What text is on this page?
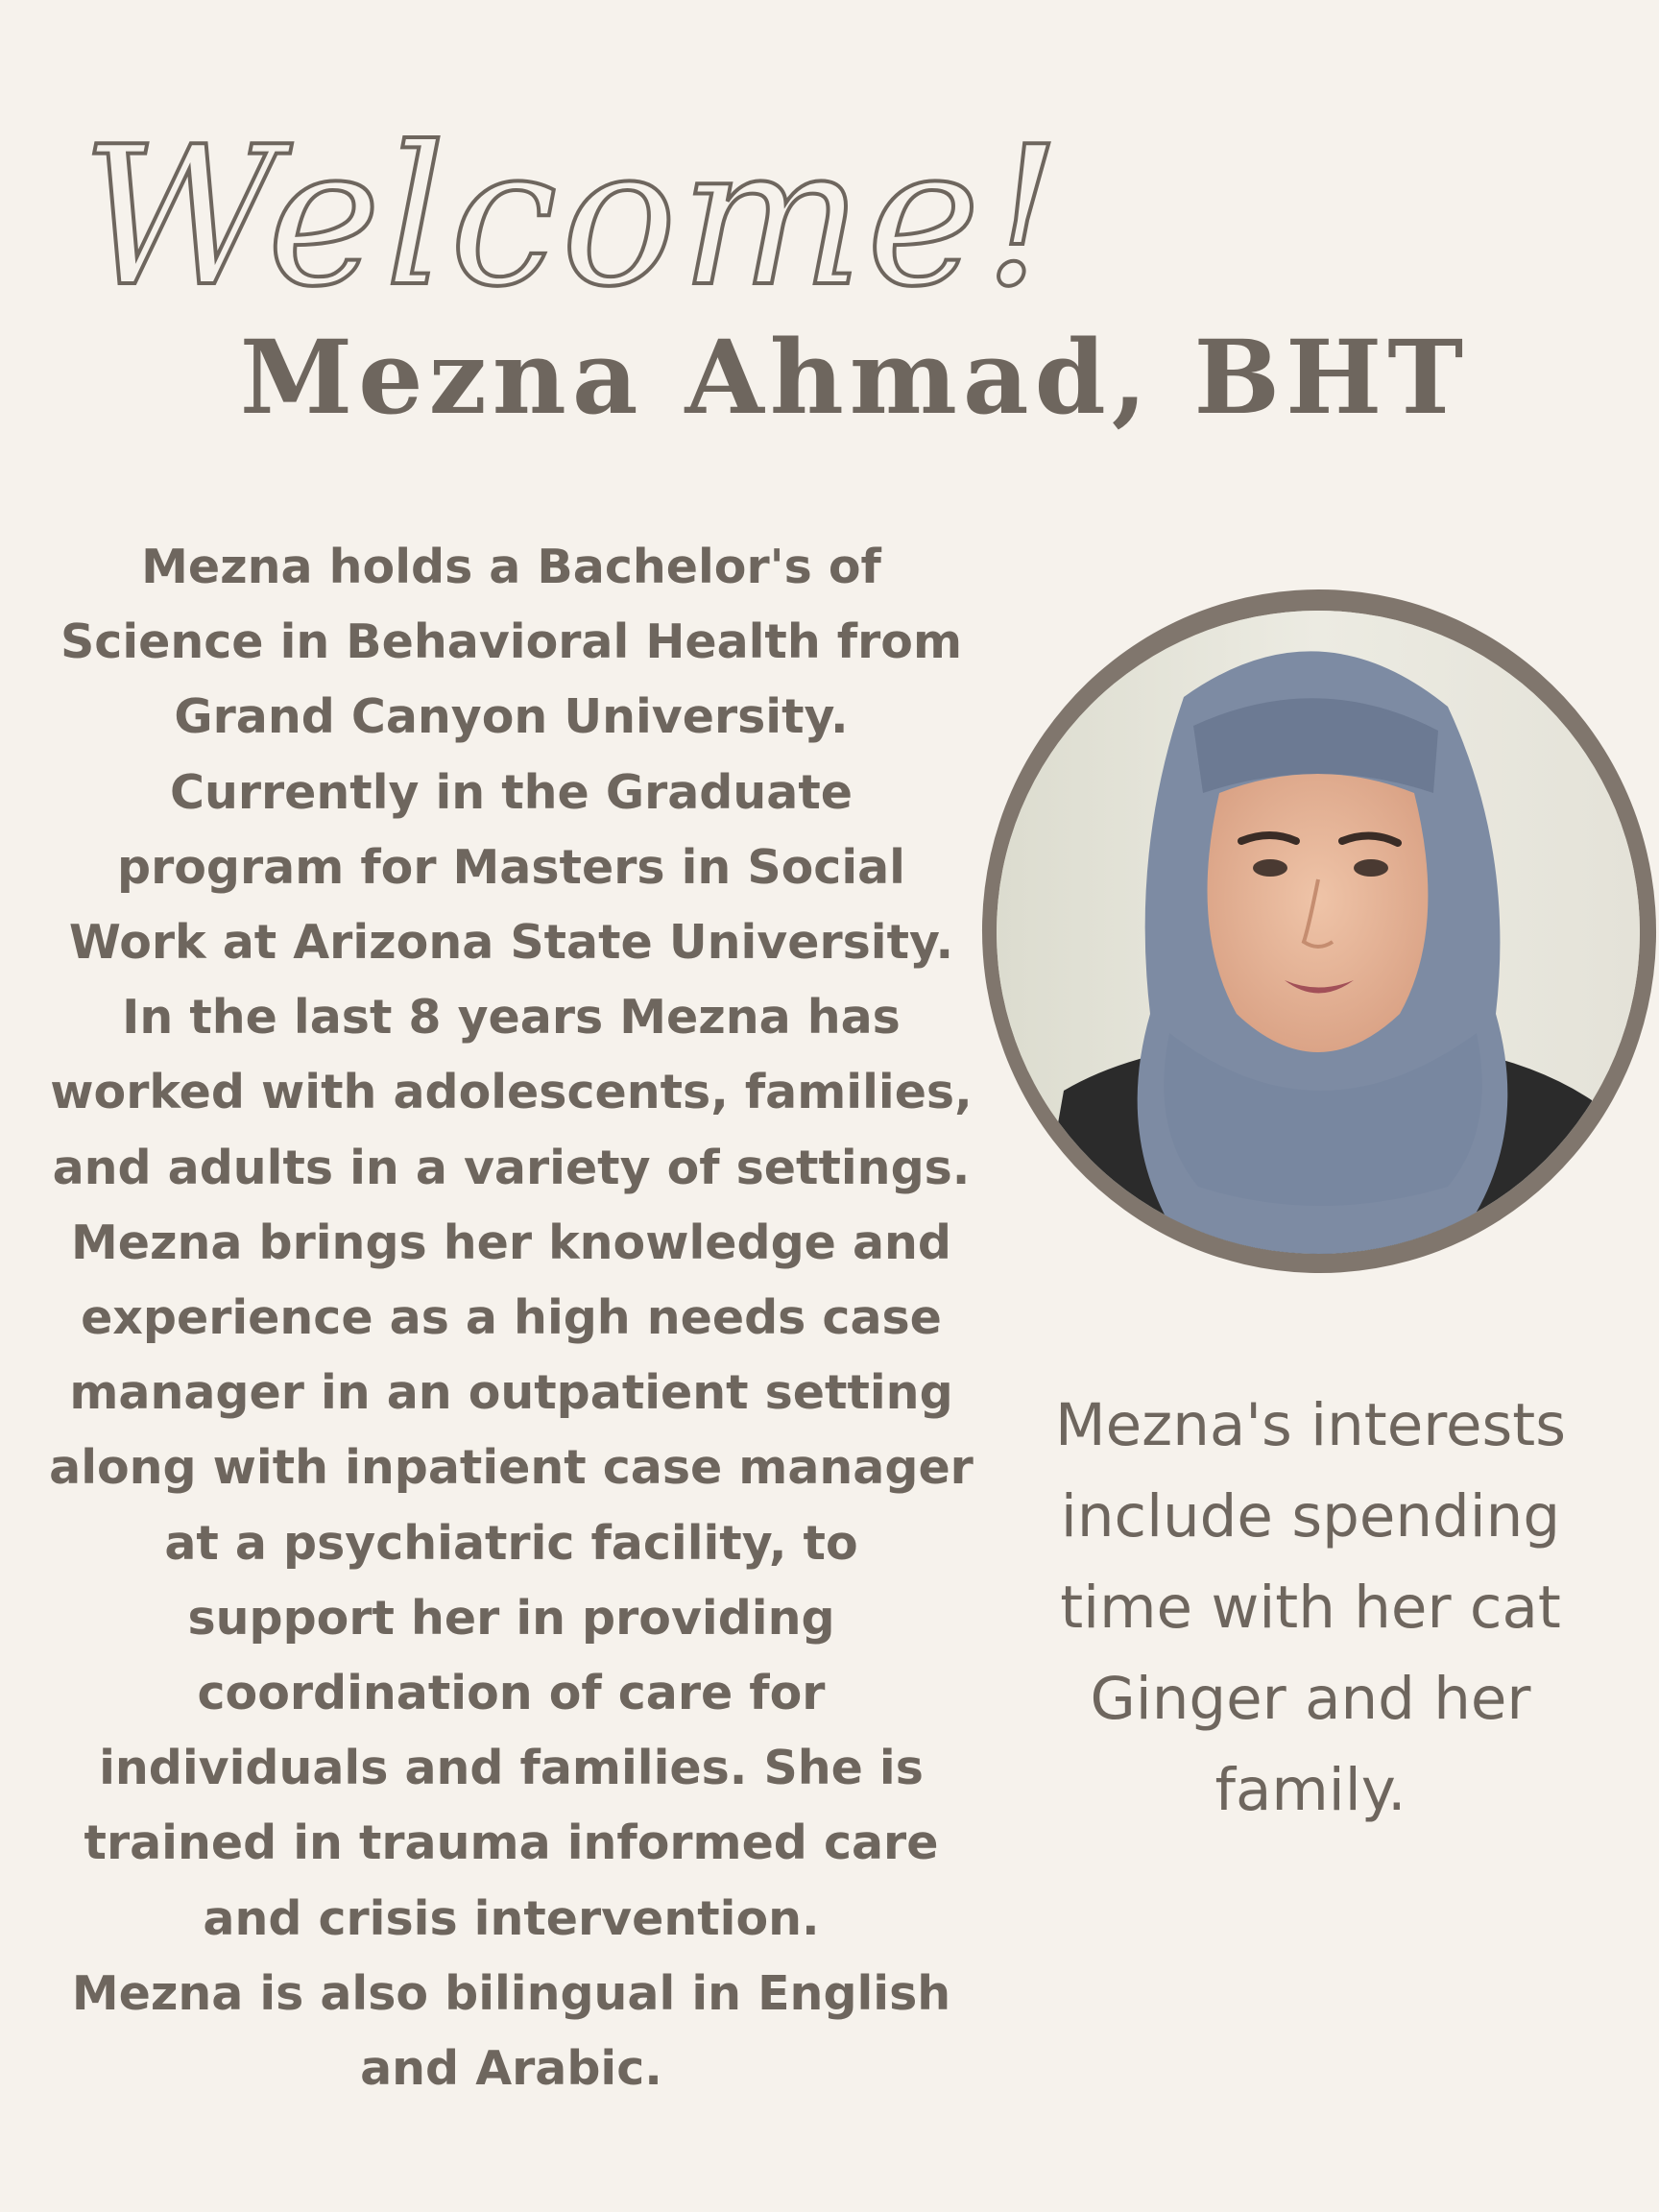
Welcome!
Mezna Ahmad, BHT
Mezna holds a Bachelor's of
Science in Behavioral Health from
Grand Canyon University.
Currently in the Graduate
program for Masters in Social
Work at Arizona State University.
In the last 8 years Mezna has
worked with adolescents, families,
and adults in a variety of settings.
Mezna brings her knowledge and
experience as a high needs case
manager in an outpatient setting
along with inpatient case manager
at a psychiatric facility, to
support her in providing
coordination of care for
individuals and families. She is
trained in trauma informed care
and crisis intervention.
Mezna is also bilingual in English
and Arabic.
Mezna's interests
include spending
time with her cat
Ginger and her
family.
